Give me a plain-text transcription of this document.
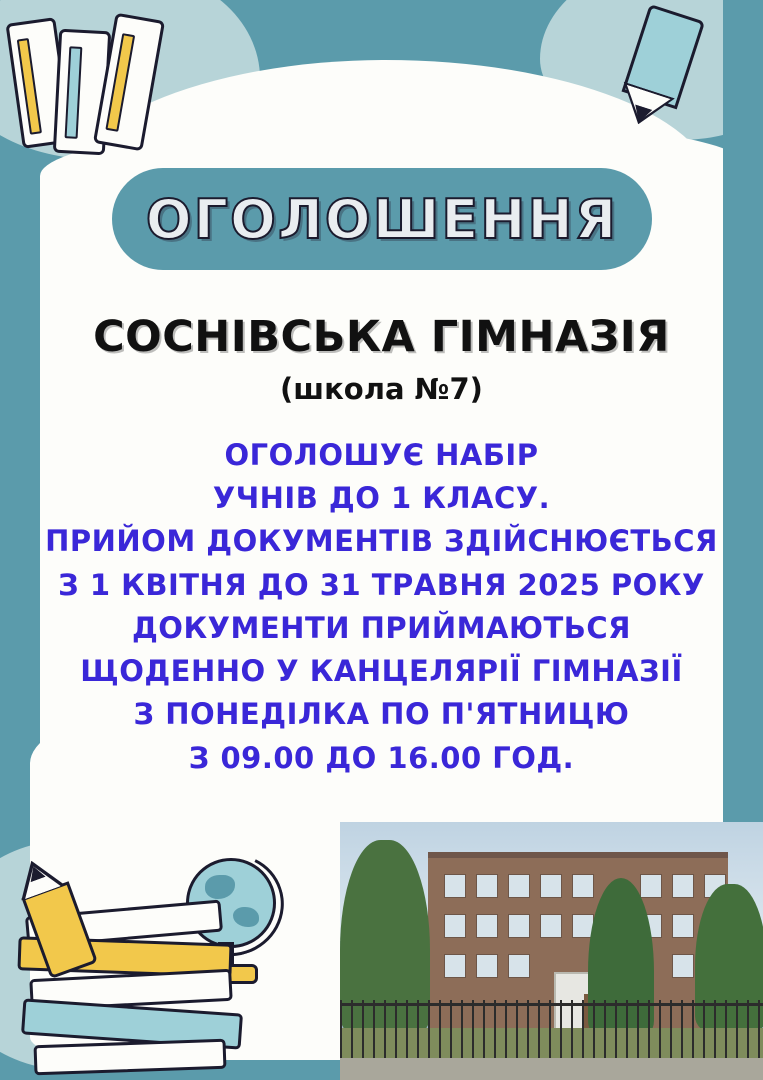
ОГОЛОШЕННЯ
СОСНІВСЬКА ГІМНАЗІЯ
(школа №7)

ОГОЛОШУЄ НАБІР

УЧНІВ ДО 1 КЛАСУ.

ПРИЙОМ ДОКУМЕНТІВ ЗДІЙСНЮЄТЬСЯ

З 1 КВІТНЯ ДО 31 ТРАВНЯ 2025 РОКУ

ДОКУМЕНТИ ПРИЙМАЮТЬСЯ

ЩОДЕННО У КАНЦЕЛЯРІЇ ГІМНАЗІЇ

З ПОНЕДІЛКА ПО П'ЯТНИЦЮ

З 09.00 ДО 16.00 ГОД.
